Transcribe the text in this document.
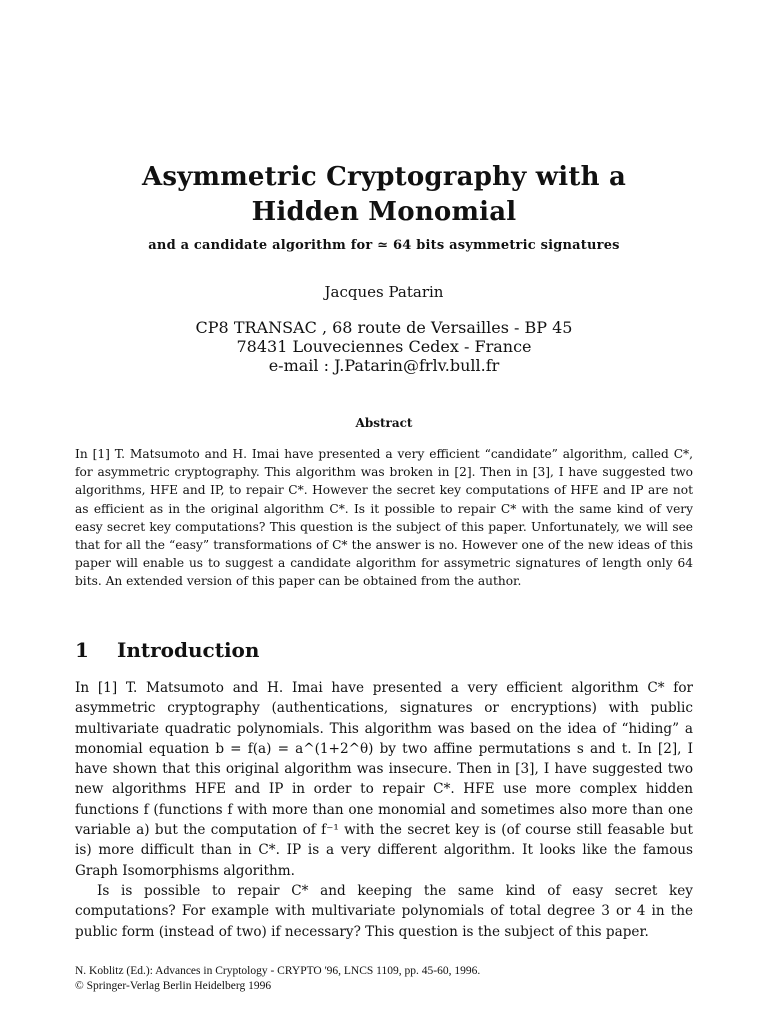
Asymmetric Cryptography with a
Hidden Monomial
and a candidate algorithm for ≃ 64 bits asymmetric signatures
Jacques Patarin
CP8 TRANSAC , 68 route de Versailles - BP 45
78431 Louveciennes Cedex - France
e-mail : J.Patarin@frlv.bull.fr
Abstract
In [1] T. Matsumoto and H. Imai have presented a very efficient “candidate” algorithm, called C*, for asymmetric cryptography. This algorithm was broken in [2]. Then in [3], I have suggested two algorithms, HFE and IP, to repair C*. However the secret key computations of HFE and IP are not as efficient as in the original algorithm C*. Is it possible to repair C* with the same kind of very easy secret key computations? This question is the subject of this paper. Unfortunately, we will see that for all the “easy” transformations of C* the answer is no. However one of the new ideas of this paper will enable us to suggest a candidate algorithm for assymetric signatures of length only 64 bits. An extended version of this paper can be obtained from the author.
1 Introduction

In [1] T. Matsumoto and H. Imai have presented a very efficient algorithm C* for asymmetric cryptography (authentications, signatures or encryptions) with public multivariate quadratic polynomials. This algorithm was based on the idea of “hiding” a monomial equation b = f(a) = a^(1+2^θ) by two affine permutations s and t. In [2], I have shown that this original algorithm was insecure. Then in [3], I have suggested two new algorithms HFE and IP in order to repair C*. HFE use more complex hidden functions f (functions f with more than one monomial and sometimes also more than one variable a) but the computation of f⁻¹ with the secret key is (of course still feasable but is) more difficult than in C*. IP is a very different algorithm. It looks like the famous Graph Isomorphisms algorithm.

Is is possible to repair C* and keeping the same kind of easy secret key computations? For example with multivariate polynomials of total degree 3 or 4 in the public form (instead of two) if necessary? This question is the subject of this paper.

N. Koblitz (Ed.): Advances in Cryptology - CRYPTO '96, LNCS 1109, pp. 45-60, 1996.
© Springer-Verlag Berlin Heidelberg 1996
